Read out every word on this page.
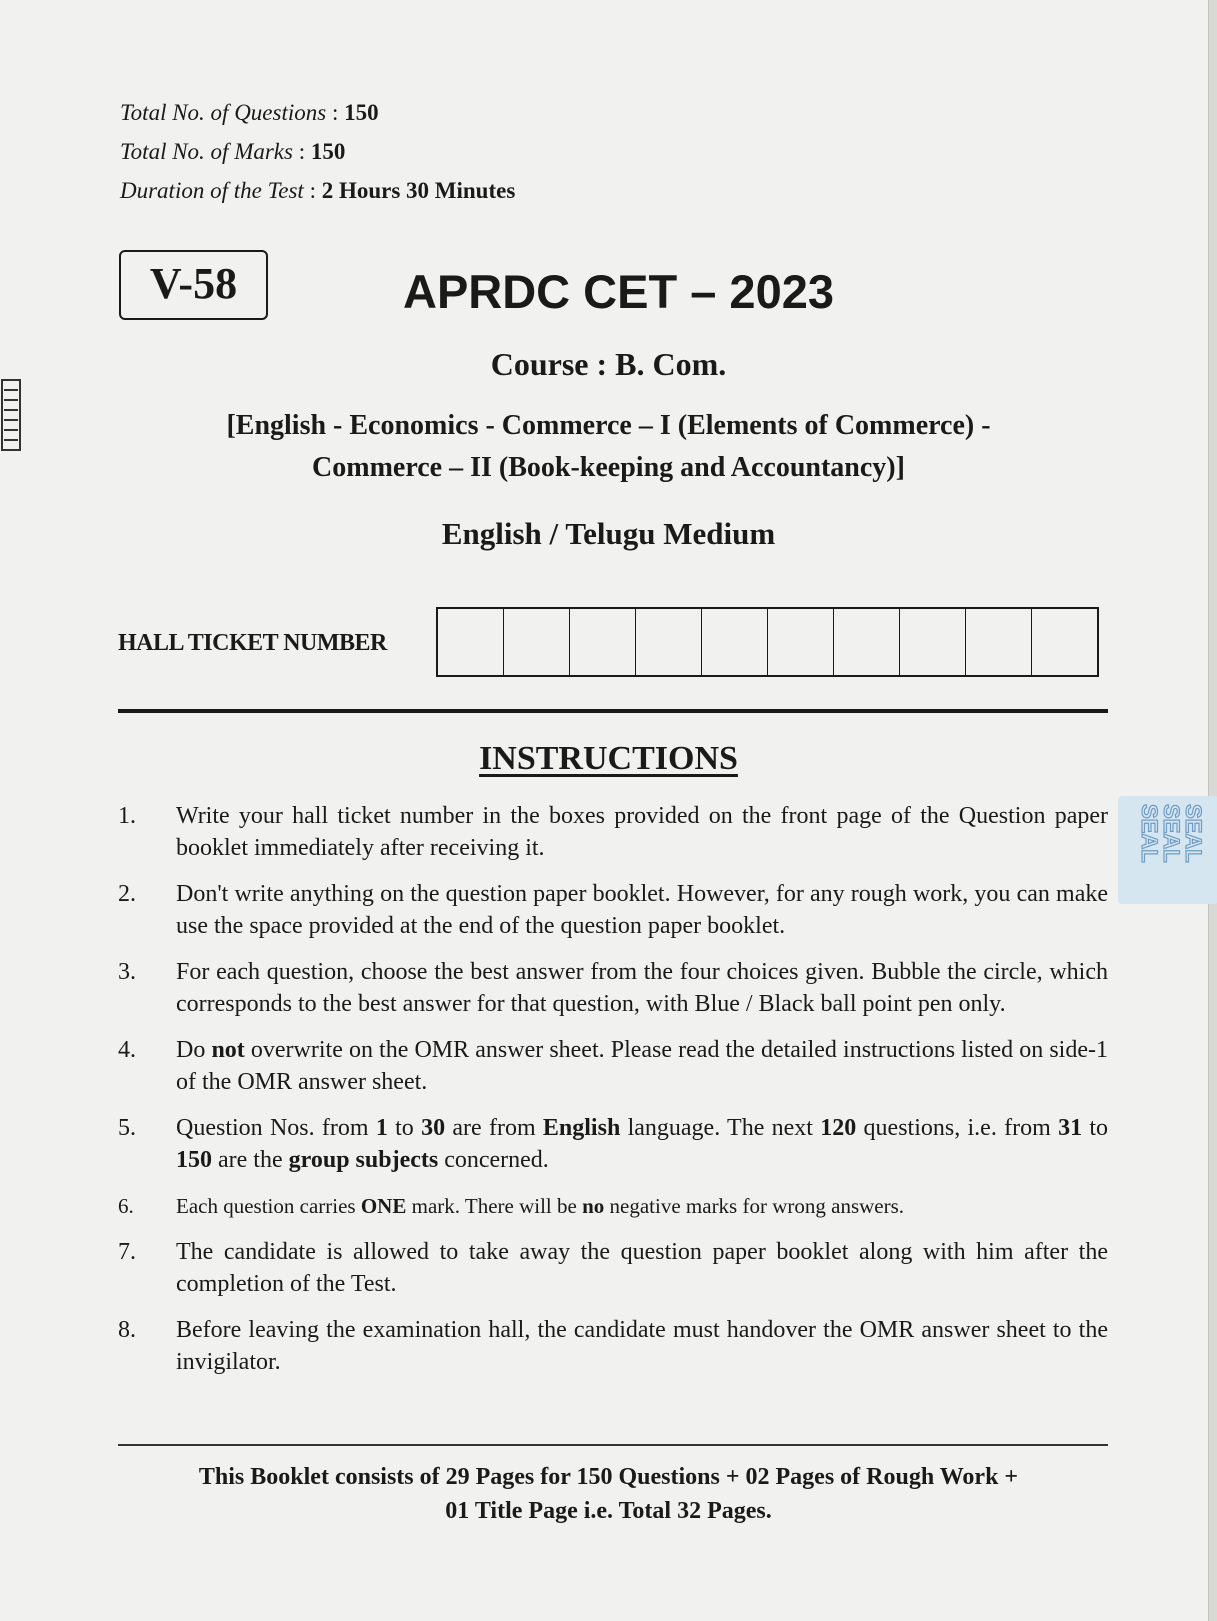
Total No. of Questions : 150
Total No. of Marks : 150
Duration of the Test : 2 Hours 30 Minutes
V-58	APRDC CET – 2023
Course : B. Com.
[English - Economics - Commerce – I (Elements of Commerce) -
Commerce – II (Book-keeping and Accountancy)]
English / Telugu Medium
HALL TICKET NUMBER
INSTRUCTIONS
1.	Write your hall ticket number in the boxes provided on the front page of the Question paper booklet immediately after receiving it.
2.	Don't write anything on the question paper booklet. However, for any rough work, you can make use the space provided at the end of the question paper booklet.
3.	For each question, choose the best answer from the four choices given. Bubble the circle, which corresponds to the best answer for that question, with Blue / Black ball point pen only.
4.	Do not overwrite on the OMR answer sheet. Please read the detailed instructions listed on side-1 of the OMR answer sheet.
5.	Question Nos. from 1 to 30 are from English language. The next 120 questions, i.e. from 31 to 150 are the group subjects concerned.
6.	Each question carries ONE mark. There will be no negative marks for wrong answers.
7.	The candidate is allowed to take away the question paper booklet along with him after the completion of the Test.
8.	Before leaving the examination hall, the candidate must handover the OMR answer sheet to the invigilator.
This Booklet consists of 29 Pages for 150 Questions + 02 Pages of Rough Work +
01 Title Page i.e. Total 32 Pages.
SEAL
SEAL
SEAL
